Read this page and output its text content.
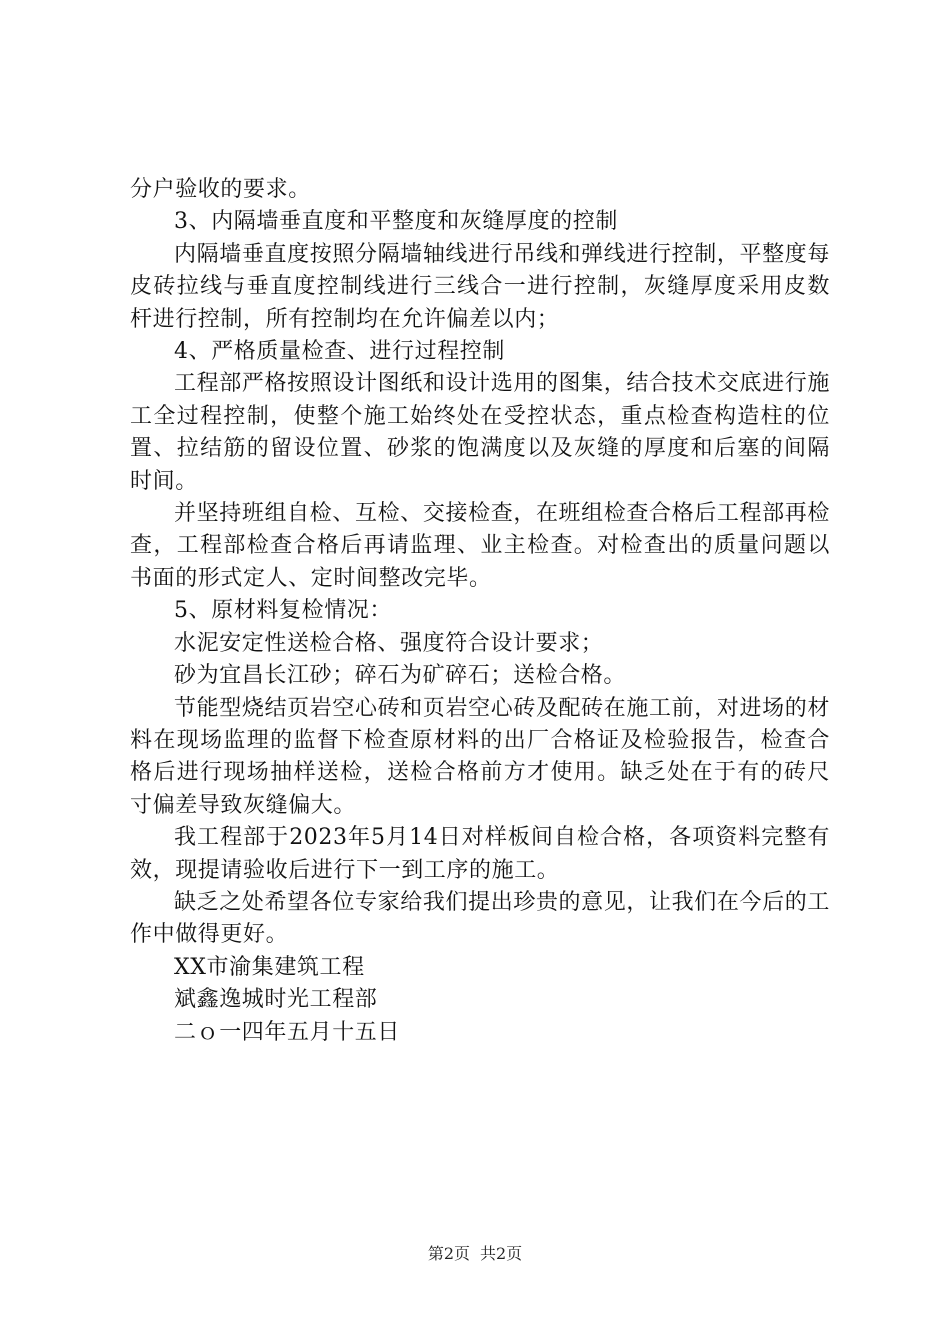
分户验收的要求。

3、内隔墙垂直度和平整度和灰缝厚度的控制

内隔墙垂直度按照分隔墙轴线进行吊线和弹线进行控制，平整度每皮砖拉线与垂直度控制线进行三线合一进行控制，灰缝厚度采用皮数杆进行控制，所有控制均在允许偏差以内；

4、严格质量检查、进行过程控制

工程部严格按照设计图纸和设计选用的图集，结合技术交底进行施工全过程控制，使整个施工始终处在受控状态，重点检查构造柱的位置、拉结筋的留设位置、砂浆的饱满度以及灰缝的厚度和后塞的间隔时间。

并坚持班组自检、互检、交接检查，在班组检查合格后工程部再检查，工程部检查合格后再请监理、业主检查。对检查出的质量问题以书面的形式定人、定时间整改完毕。

5、原材料复检情况：

水泥安定性送检合格、强度符合设计要求；

砂为宜昌长江砂；碎石为矿碎石；送检合格。

节能型烧结页岩空心砖和页岩空心砖及配砖在施工前，对进场的材料在现场监理的监督下检查原材料的出厂合格证及检验报告，检查合格后进行现场抽样送检，送检合格前方才使用。缺乏处在于有的砖尺寸偏差导致灰缝偏大。

我工程部于2023年5月14日对样板间自检合格，各项资料完整有效，现提请验收后进行下一到工序的施工。

缺乏之处希望各位专家给我们提出珍贵的意见，让我们在今后的工作中做得更好。

XX市渝集建筑工程

斌鑫逸城时光工程部

二ｏ一四年五月十五日

第2页 共2页
